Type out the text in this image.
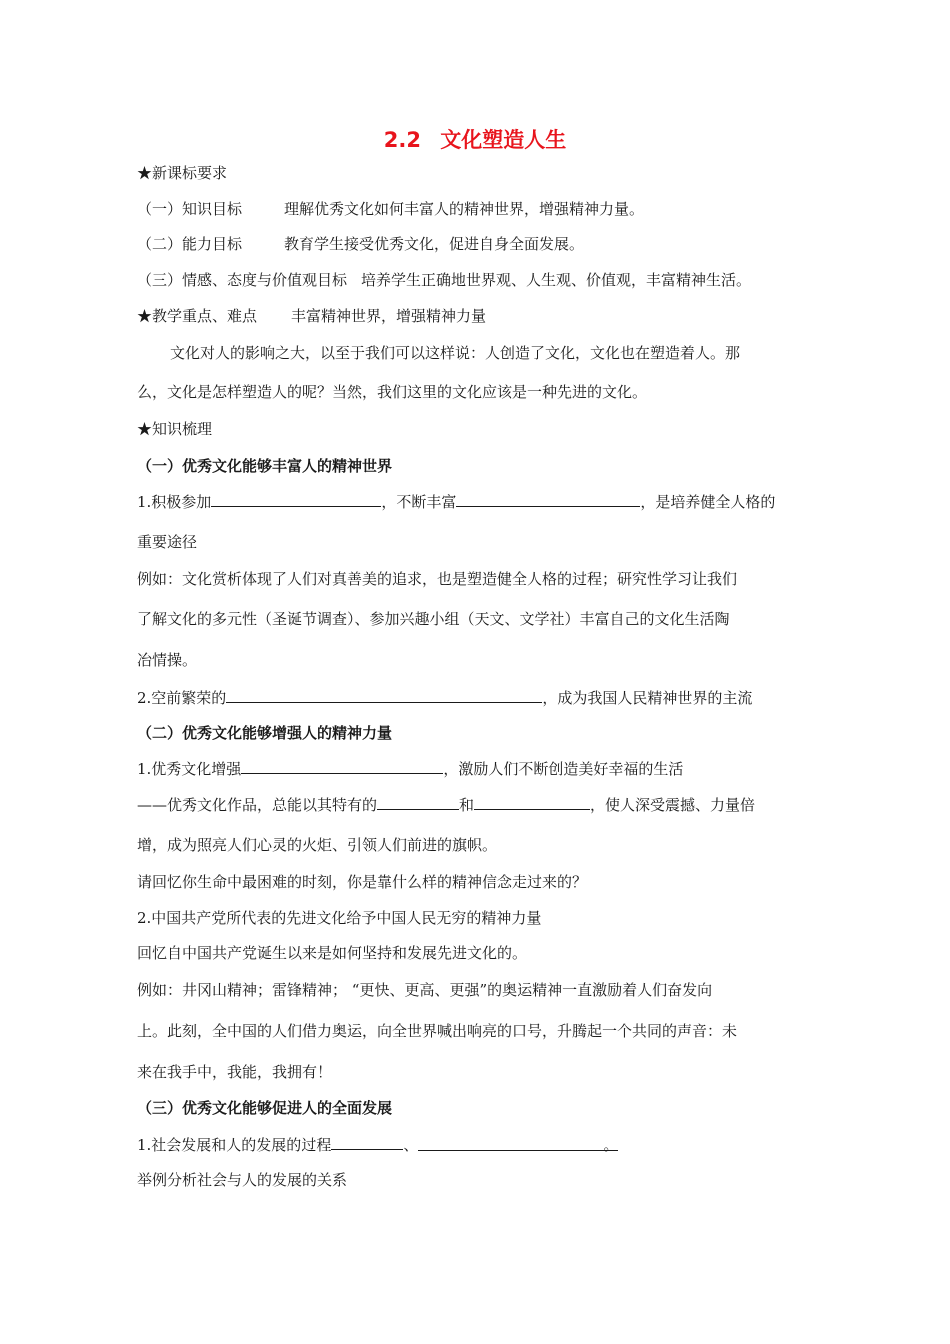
2.2 文化塑造人生
★新课标要求
（一）知识目标	理解优秀文化如何丰富人的精神世界，增强精神力量。
（二）能力目标	教育学生接受优秀文化，促进自身全面发展。
（三）情感、态度与价值观目标 培养学生正确地世界观、人生观、价值观，丰富精神生活。
★教学重点、难点 丰富精神世界，增强精神力量
文化对人的影响之大，以至于我们可以这样说：人创造了文化，文化也在塑造着人。那
么，文化是怎样塑造人的呢？当然，我们这里的文化应该是一种先进的文化。
★知识梳理
（一）优秀文化能够丰富人的精神世界
1.积极参加	，不断丰富	，是培养健全人格的
重要途径
例如：文化赏析体现了人们对真善美的追求，也是塑造健全人格的过程；研究性学习让我们
了解文化的多元性（圣诞节调查）、参加兴趣小组（天文、文学社）丰富自己的文化生活陶
冶情操。
2.空前繁荣的	，成为我国人民精神世界的主流
（二）优秀文化能够增强人的精神力量
1.优秀文化增强	，激励人们不断创造美好幸福的生活
——优秀文化作品，总能以其特有的	和	，使人深受震撼、力量倍
增，成为照亮人们心灵的火炬、引领人们前进的旗帜。
请回忆你生命中最困难的时刻，你是靠什么样的精神信念走过来的？
2.中国共产党所代表的先进文化给予中国人民无穷的精神力量
回忆自中国共产党诞生以来是如何坚持和发展先进文化的。
例如：井冈山精神；雷锋精神； “更快、更高、更强”的奥运精神一直激励着人们奋发向
上。此刻，全中国的人们借力奥运，向全世界喊出响亮的口号，升腾起一个共同的声音：未
来在我手中，我能，我拥有！
（三）优秀文化能够促进人的全面发展
1.社会发展和人的发展的过程	、	。
举例分析社会与人的发展的关系
